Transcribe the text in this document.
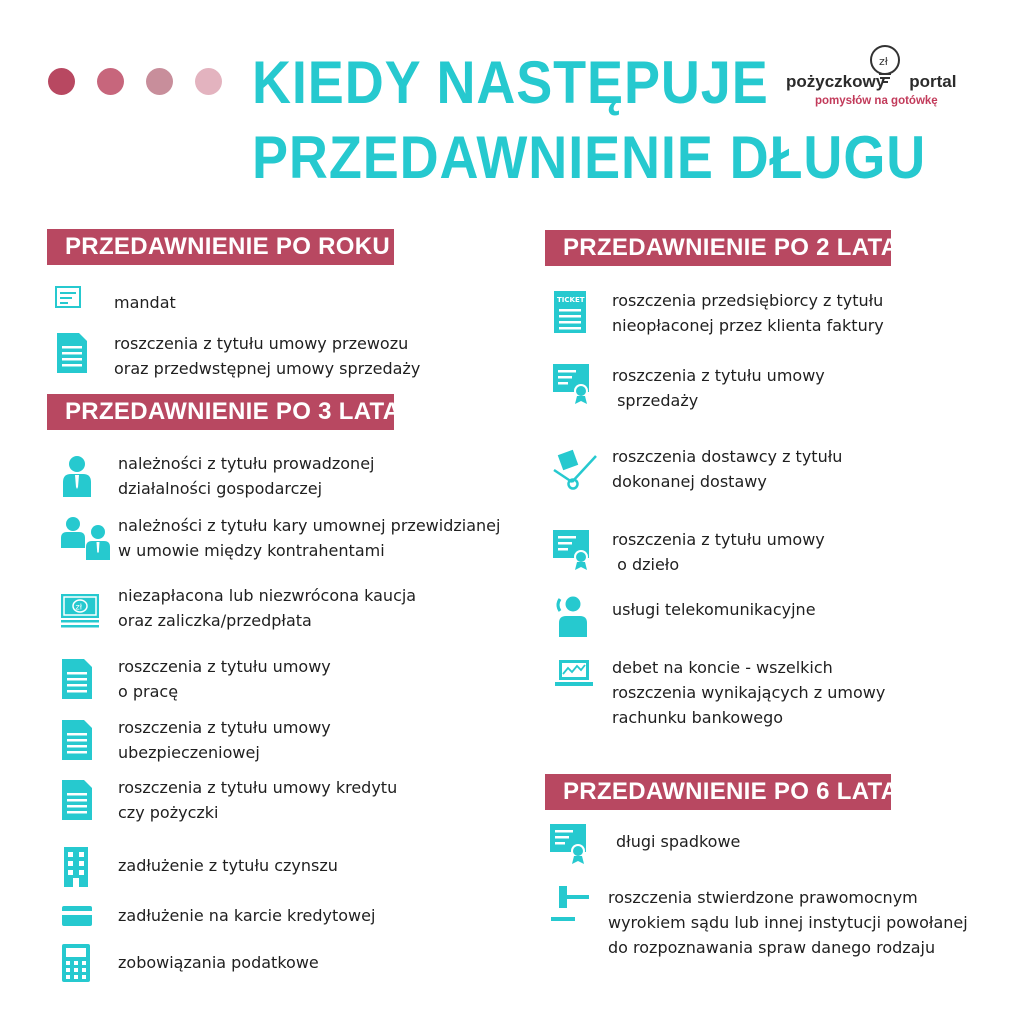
KIEDY NASTĘPUJE
PRZEDAWNIENIE DŁUGU
zł
pożyczkowy portal
pomysłów na gotówkę
PRZEDAWNIENIE PO ROKU

mandat

roszczenia z tytułu umowy przewozu
oraz przedwstępnej umowy sprzedaży

PRZEDAWNIENIE PO 3 LATACH

należności z tytułu prowadzonej
działalności gospodarczej

należności z tytułu kary umownej przewidzianej
w umowie między kontrahentami

zł

niezapłacona lub niezwrócona kaucja
oraz zaliczka/przedpłata

roszczenia z tytułu umowy
o pracę

roszczenia z tytułu umowy
ubezpieczeniowej

roszczenia z tytułu umowy kredytu
czy pożyczki

zadłużenie z tytułu czynszu

zadłużenie na karcie kredytowej

zobowiązania podatkowe

PRZEDAWNIENIE PO 2 LATACH
TICKET roszczenia przedsiębiorcy z tytułu
nieopłaconej przez klienta faktury

roszczenia z tytułu umowy
sprzedaży

roszczenia dostawcy z tytułu
dokonanej dostawy

roszczenia z tytułu umowy
o dzieło

usługi telekomunikacyjne

debet na koncie - wszelkich
roszczenia wynikających z umowy
rachunku bankowego

PRZEDAWNIENIE PO 6 LATACH

długi spadkowe

roszczenia stwierdzone prawomocnym
wyrokiem sądu lub innej instytucji powołanej
do rozpoznawania spraw danego rodzaju
